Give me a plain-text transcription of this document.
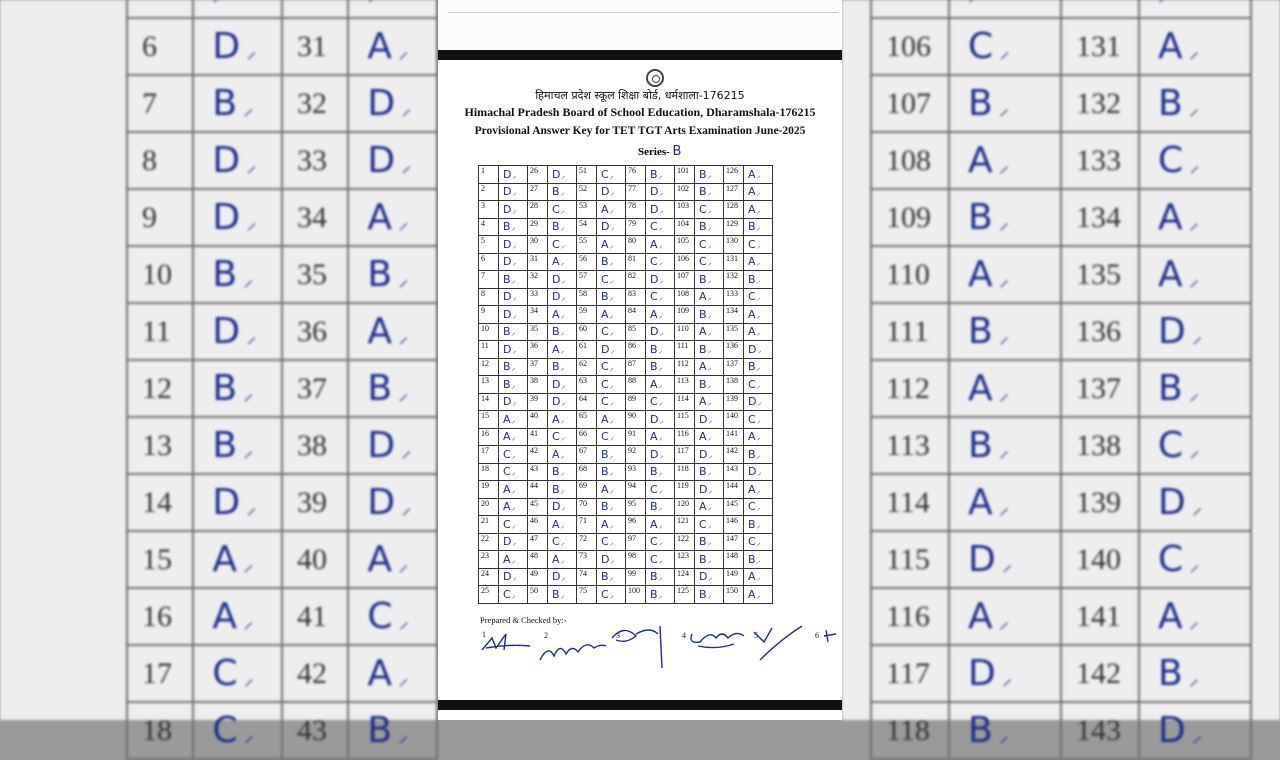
6	D ⸝	31	A ⸝
7	B ⸝	32	D ⸝
8	D ⸝	33	D ⸝
9	D ⸝	34	A ⸝
10	B ⸝	35	B ⸝
11	D ⸝	36	A ⸝
12	B ⸝	37	B ⸝
13	B ⸝	38	D ⸝
14	D ⸝	39	D ⸝
15	A ⸝	40	A ⸝
16	A ⸝	41	C ⸝
17	C ⸝	42	A ⸝
18	C ⸝	43	B ⸝

106	C ⸝	131	A ⸝
107	B ⸝	132	B ⸝
108	A ⸝	133	C ⸝
109	B ⸝	134	A ⸝
110	A ⸝	135	A ⸝
111	B ⸝	136	D ⸝
112	A ⸝	137	B ⸝
113	B ⸝	138	C ⸝
114	A ⸝	139	D ⸝
115	D ⸝	140	C ⸝
116	A ⸝	141	A ⸝
117	D ⸝	142	B ⸝
118	B ⸝	143	D ⸝
हिमाचल प्रदेश स्कूल शिक्षा बोर्ड, धर्मशाला-176215
Himachal Pradesh Board of School Education, Dharamshala-176215
Provisional Answer Key for TET TGT Arts Examination June-2025
Series- B
1	D ⸝	26	D ⸝	51	C ⸝	76	B ⸝	101	B ⸝	126	A ⸝
2	D ⸝	27	B ⸝	52	D ⸝	77	D ⸝	102	B ⸝	127	A ⸝
3	D ⸝	28	C ⸝	53	A ⸝	78	D ⸝	103	C ⸝	128	A ⸝
4	B ⸝	29	B ⸝	54	D ⸝	79	C ⸝	104	B ⸝	129	B ⸝
5	D ⸝	30	C ⸝	55	A ⸝	80	A ⸝	105	C ⸝	130	C ⸝
6	D ⸝	31	A ⸝	56	B ⸝	81	C ⸝	106	C ⸝	131	A ⸝
7	B ⸝	32	D ⸝	57	C ⸝	82	D ⸝	107	B ⸝	132	B ⸝
8	D ⸝	33	D ⸝	58	B ⸝	83	C ⸝	108	A ⸝	133	C ⸝
9	D ⸝	34	A ⸝	59	A ⸝	84	A ⸝	109	B ⸝	134	A ⸝
10	B ⸝	35	B ⸝	60	C ⸝	85	D ⸝	110	A ⸝	135	A ⸝
11	D ⸝	36	A ⸝	61	D ⸝	86	B ⸝	111	B ⸝	136	D ⸝
12	B ⸝	37	B ⸝	62	C ⸝	87	B ⸝	112	A ⸝	137	B ⸝
13	B ⸝	38	D ⸝	63	C ⸝	88	A ⸝	113	B ⸝	138	C ⸝
14	D ⸝	39	D ⸝	64	C ⸝	89	C ⸝	114	A ⸝	139	D ⸝
15	A ⸝	40	A ⸝	65	A ⸝	90	D ⸝	115	D ⸝	140	C ⸝
16	A ⸝	41	C ⸝	66	C ⸝	91	A ⸝	116	A ⸝	141	A ⸝
17	C ⸝	42	A ⸝	67	B ⸝	92	D ⸝	117	D ⸝	142	B ⸝
18	C ⸝	43	B ⸝	68	B ⸝	93	B ⸝	118	B ⸝	143	D ⸝
19	A ⸝	44	B ⸝	69	A ⸝	94	C ⸝	119	D ⸝	144	A ⸝
20	A ⸝	45	D ⸝	70	B ⸝	95	B ⸝	120	A ⸝	145	C ⸝
21	C ⸝	46	A ⸝	71	A ⸝	96	A ⸝	121	C ⸝	146	B ⸝
22	D ⸝	47	C ⸝	72	C ⸝	97	C ⸝	122	B ⸝	147	C ⸝
23	A ⸝	48	A ⸝	73	D ⸝	98	C ⸝	123	B ⸝	148	B ⸝
24	D ⸝	49	D ⸝	74	B ⸝	99	B ⸝	124	D ⸝	149	A ⸝
25	C ⸝	50	B ⸝	75	C ⸝	100	B ⸝	125	B ⸝	150	A ⸝
Prepared & Checked by:-
1	2	3	4	5	6
